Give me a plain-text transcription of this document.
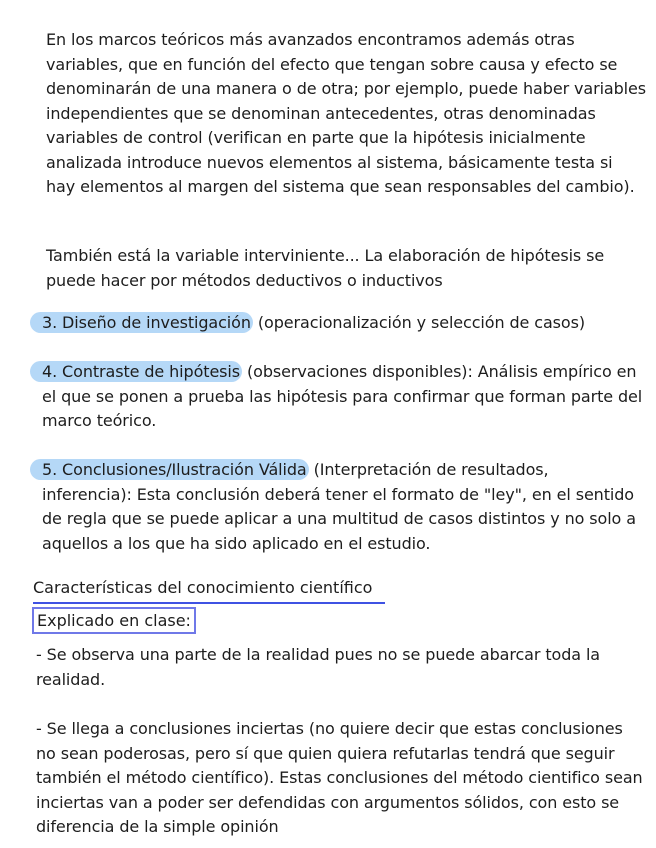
En los marcos teóricos más avanzados encontramos además otras variables, que en función del efecto que tengan sobre causa y efecto se denominarán de una manera o de otra; por ejemplo, puede haber variables independientes que se denominan antecedentes, otras denominadas variables de control (verifican en parte que la hipótesis inicialmente analizada introduce nuevos elementos al sistema, básicamente testa si hay elementos al margen del sistema que sean responsables del cambio).

También está la variable interviniente... La elaboración de hipótesis se puede hacer por métodos deductivos o inductivos

3. Diseño de investigación (operacionalización y selección de casos)

4. Contraste de hipótesis (observaciones disponibles): Análisis empírico en el que se ponen a prueba las hipótesis para confirmar que forman parte del marco teórico.

5. Conclusiones/Ilustración Válida (Interpretación de resultados, inferencia): Esta conclusión deberá tener el formato de "ley", en el sentido de regla que se puede aplicar a una multitud de casos distintos y no solo a aquellos a los que ha sido aplicado en el estudio.

Características del conocimiento científico
Explicado en clase:

- Se observa una parte de la realidad pues no se puede abarcar toda la realidad.

- Se llega a conclusiones inciertas (no quiere decir que estas conclusiones no sean poderosas, pero sí que quien quiera refutarlas tendrá que seguir también el método científico). Estas conclusiones del método cientifico sean inciertas van a poder ser defendidas con argumentos sólidos, con esto se diferencia de la simple opinión
